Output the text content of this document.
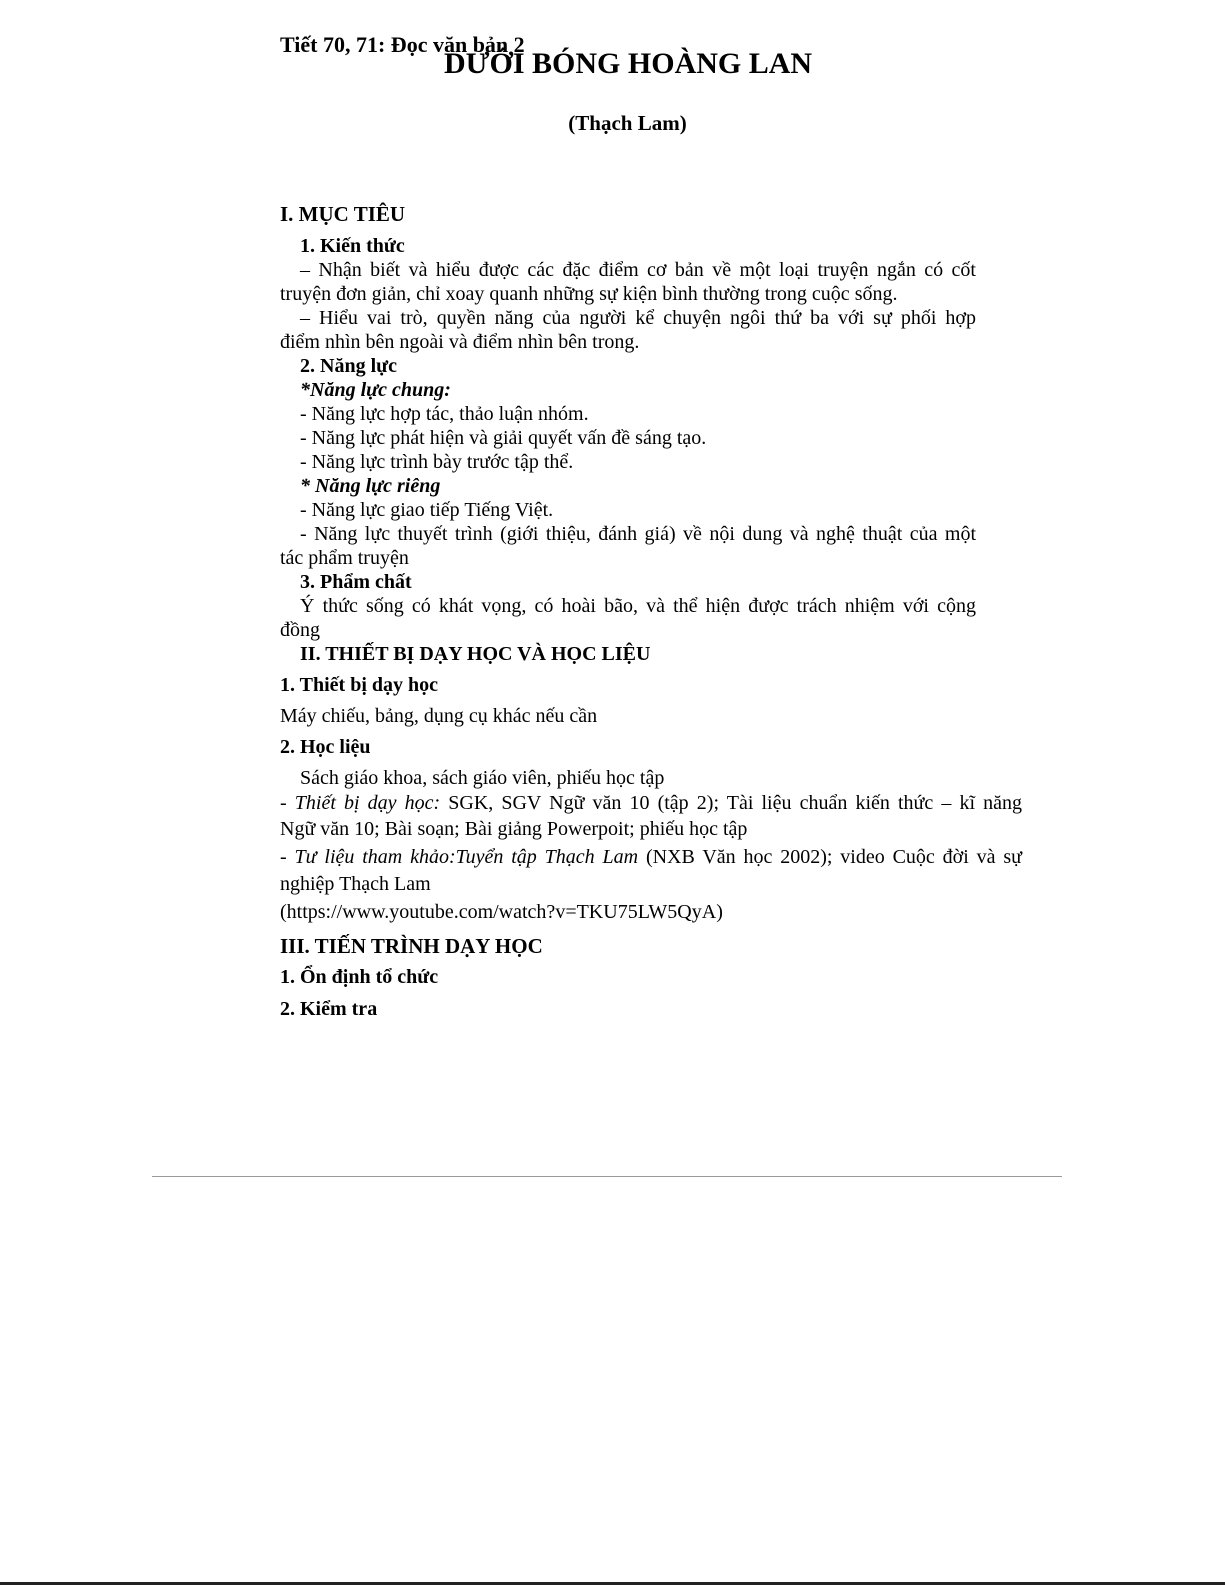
Tiết 70, 71: Đọc văn bản 2
DƯỚI BÓNG HOÀNG LAN
(Thạch Lam)
I. MỤC TIÊU
1. Kiến thức
– Nhận biết và hiểu được các đặc điểm cơ bản về một loại truyện ngắn có cốt
truyện đơn giản, chỉ xoay quanh những sự kiện bình thường trong cuộc sống.
– Hiểu vai trò, quyền năng của người kể chuyện ngôi thứ ba với sự phối hợp
điểm nhìn bên ngoài và điểm nhìn bên trong.
2. Năng lực
*Năng lực chung:
- Năng lực hợp tác, thảo luận nhóm.
- Năng lực phát hiện và giải quyết vấn đề sáng tạo.
- Năng lực trình bày trước tập thể.
* Năng lực riêng
- Năng lực giao tiếp Tiếng Việt.
- Năng lực thuyết trình (giới thiệu, đánh giá) về nội dung và nghệ thuật của một
tác phẩm truyện
3. Phẩm chất
Ý thức sống có khát vọng, có hoài bão, và thể hiện được trách nhiệm với cộng
đồng
II. THIẾT BỊ DẠY HỌC VÀ HỌC LIỆU
1. Thiết bị dạy học
Máy chiếu, bảng, dụng cụ khác nếu cần
2. Học liệu
Sách giáo khoa, sách giáo viên, phiếu học tập
- Thiết bị dạy học: SGK, SGV Ngữ văn 10 (tập 2); Tài liệu chuẩn kiến thức – kĩ năng
Ngữ văn 10; Bài soạn; Bài giảng Powerpoit; phiếu học tập
- Tư liệu tham khảo:Tuyển tập Thạch Lam (NXB Văn học 2002); video Cuộc đời và sự
nghiệp Thạch Lam
(https://www.youtube.com/watch?v=TKU75LW5QyA)
III. TIẾN TRÌNH DẠY HỌC
1. Ổn định tổ chức
2. Kiểm tra
